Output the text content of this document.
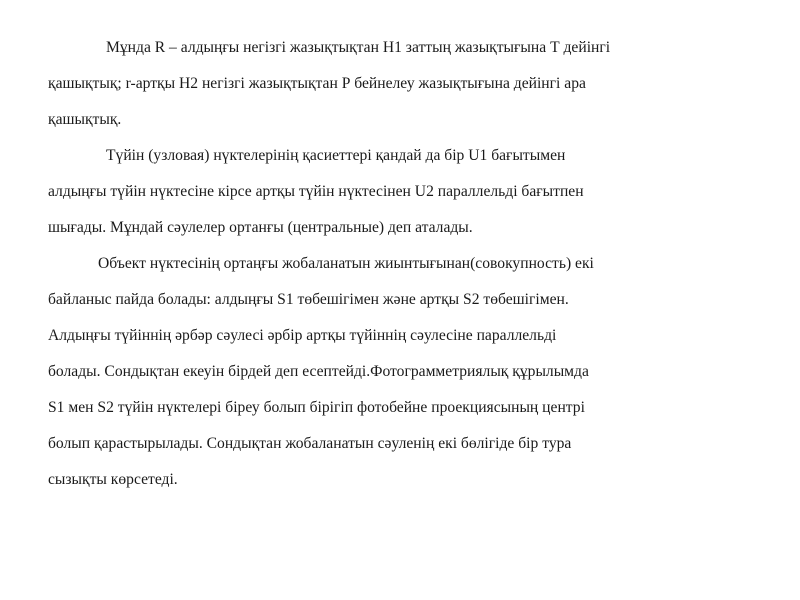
Мұнда R – алдыңғы негізгі жазықтықтан Н1 заттың жазықтығына Т дейінгі
қашықтық; r-артқы Н2 негізгі жазықтықтан Р бейнелеу жазықтығына дейінгі ара
қашықтық.
Түйін (узловая) нүктелерінің қасиеттері қандай да бір U1 бағытымен
алдыңғы түйін нүктесіне кірсе артқы түйін нүктесінен U2 параллельді бағытпен
шығады. Мұндай сәулелер ортанғы (центральные) деп аталады.
Объект нүктесінің ортаңғы жобаланатын жиынтығынан(совокупность) екі
байланыс пайда болады: алдыңғы S1 төбешігімен және артқы S2 төбешігімен.
Алдыңғы түйіннің әрбәр сәулесі әрбір артқы түйіннің сәулесіне параллельді
болады. Сондықтан екеуін бірдей деп есептейді.Фотограмметриялық құрылымда
S1 мен S2 түйін нүктелері біреу болып бірігіп фотобейне проекциясының центрі
болып қарастырылады. Сондықтан жобаланатын сәуленің екі бөлігіде бір тура
сызықты көрсетеді.
